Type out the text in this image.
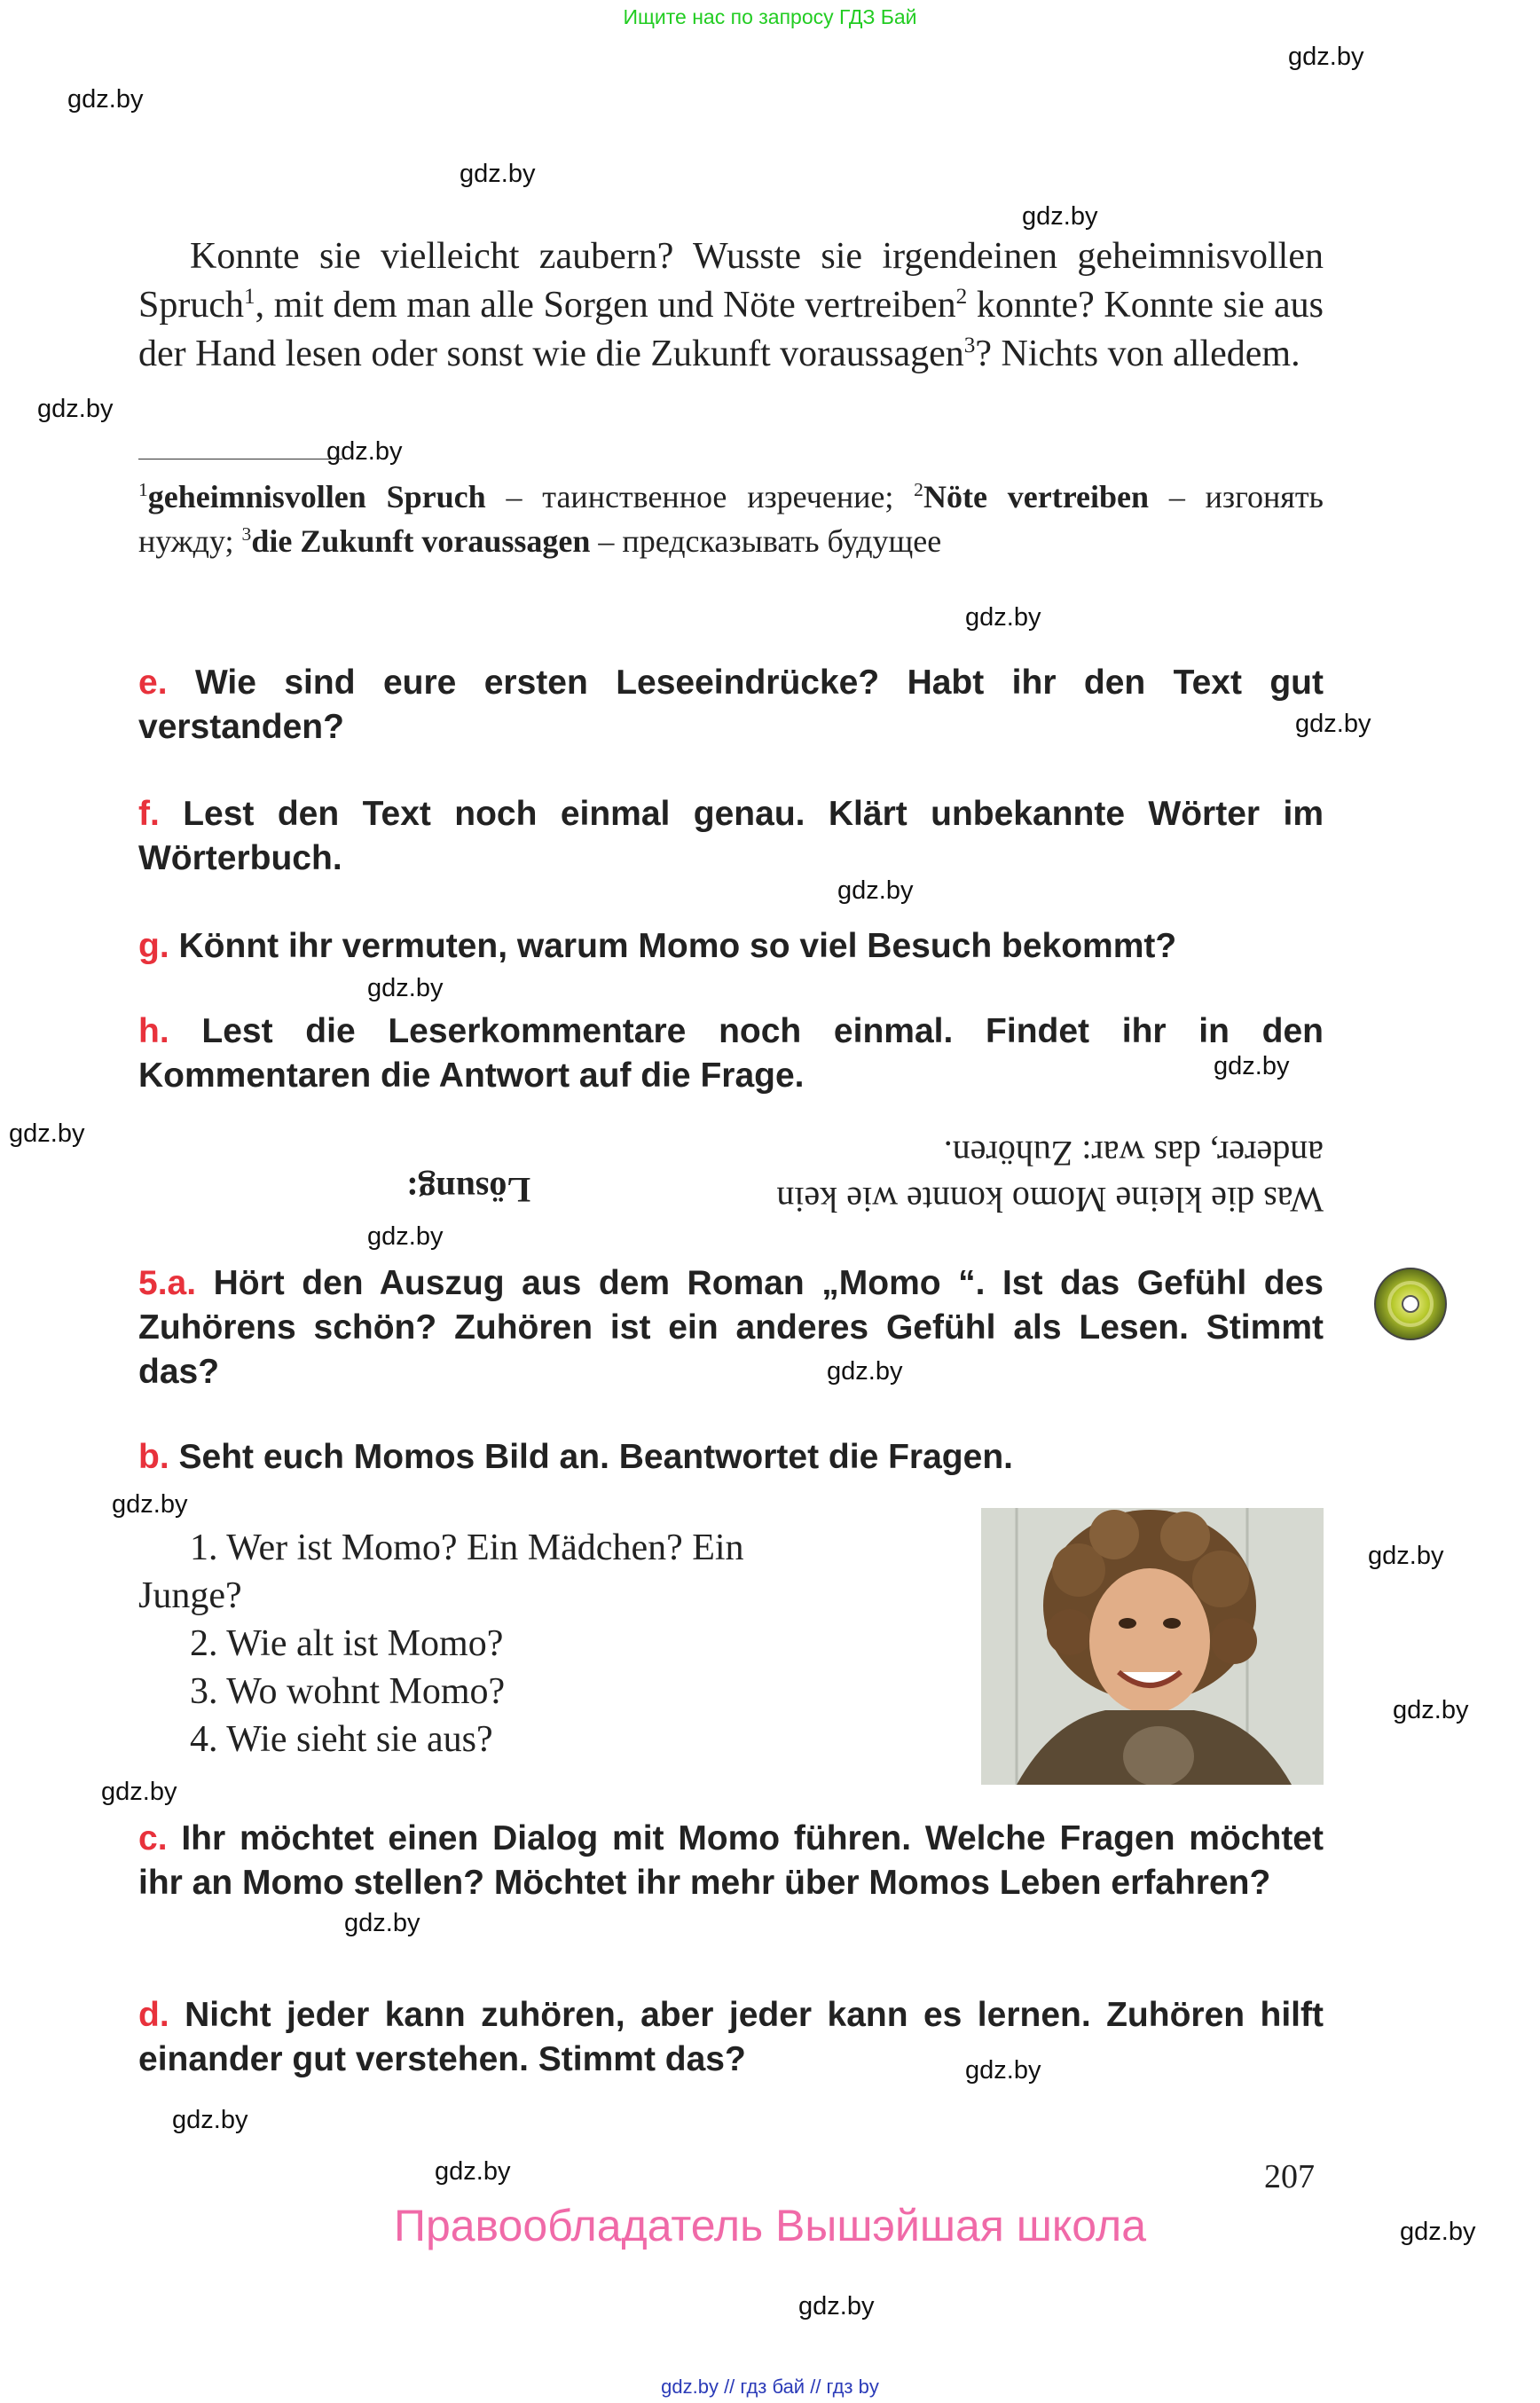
Ищите нас по запросу ГДЗ Бай
gdz.by
gdz.by
gdz.by
gdz.by
gdz.by
gdz.by
gdz.by
gdz.by
gdz.by
gdz.by
gdz.by
gdz.by
gdz.by
gdz.by
gdz.by
gdz.by
gdz.by
gdz.by
gdz.by
gdz.by
gdz.by
gdz.by
gdz.by
gdz.by
Konnte sie vielleicht zaubern? Wusste sie irgendeinen geheimnisvollen Spruch$^1$, mit dem man alle Sorgen und Nöte vertreiben$^2$ konnte? Konnte sie aus der Hand lesen oder sonst wie die Zukunft voraussagen$^3$? Nichts von alledem.
$^1$geheimnisvollen Spruch – таинственное изречение; $^2$Nöte vertreiben – изгонять нужду; $^3$die Zukunft voraussagen – предсказывать будущее
e. Wie sind eure ersten Leseeindrücke? Habt ihr den Text gut verstanden?
f. Lest den Text noch einmal genau. Klärt unbekannte Wörter im Wörterbuch.
g. Könnt ihr vermuten, warum Momo so viel Besuch bekommt?
h. Lest die Leserkommentare noch einmal. Findet ihr in den Kommentaren die Antwort auf die Frage.
Was die kleine Momo konnte wie kein
anderer, das war: Zuhören.
Lösung:
5.a. Hört den Auszug aus dem Roman „Momo “. Ist das Gefühl des Zuhörens schön? Zuhören ist ein anderes Gefühl als Lesen. Stimmt das?
b. Seht euch Momos Bild an. Beantwortet die Fragen.
1. Wer ist Momo? Ein Mädchen? Ein
Junge?
2. Wie alt ist Momo?
3. Wo wohnt Momo?
4. Wie sieht sie aus?
c. Ihr möchtet einen Dialog mit Momo führen. Welche Fragen möchtet ihr an Momo stellen? Möchtet ihr mehr über Momos Leben erfahren?
d. Nicht jeder kann zuhören, aber jeder kann es lernen. Zuhören hilft einander gut verstehen. Stimmt das?
207
Правообладатель Вышэйшая школа
gdz.by // гдз бай // гдз by
